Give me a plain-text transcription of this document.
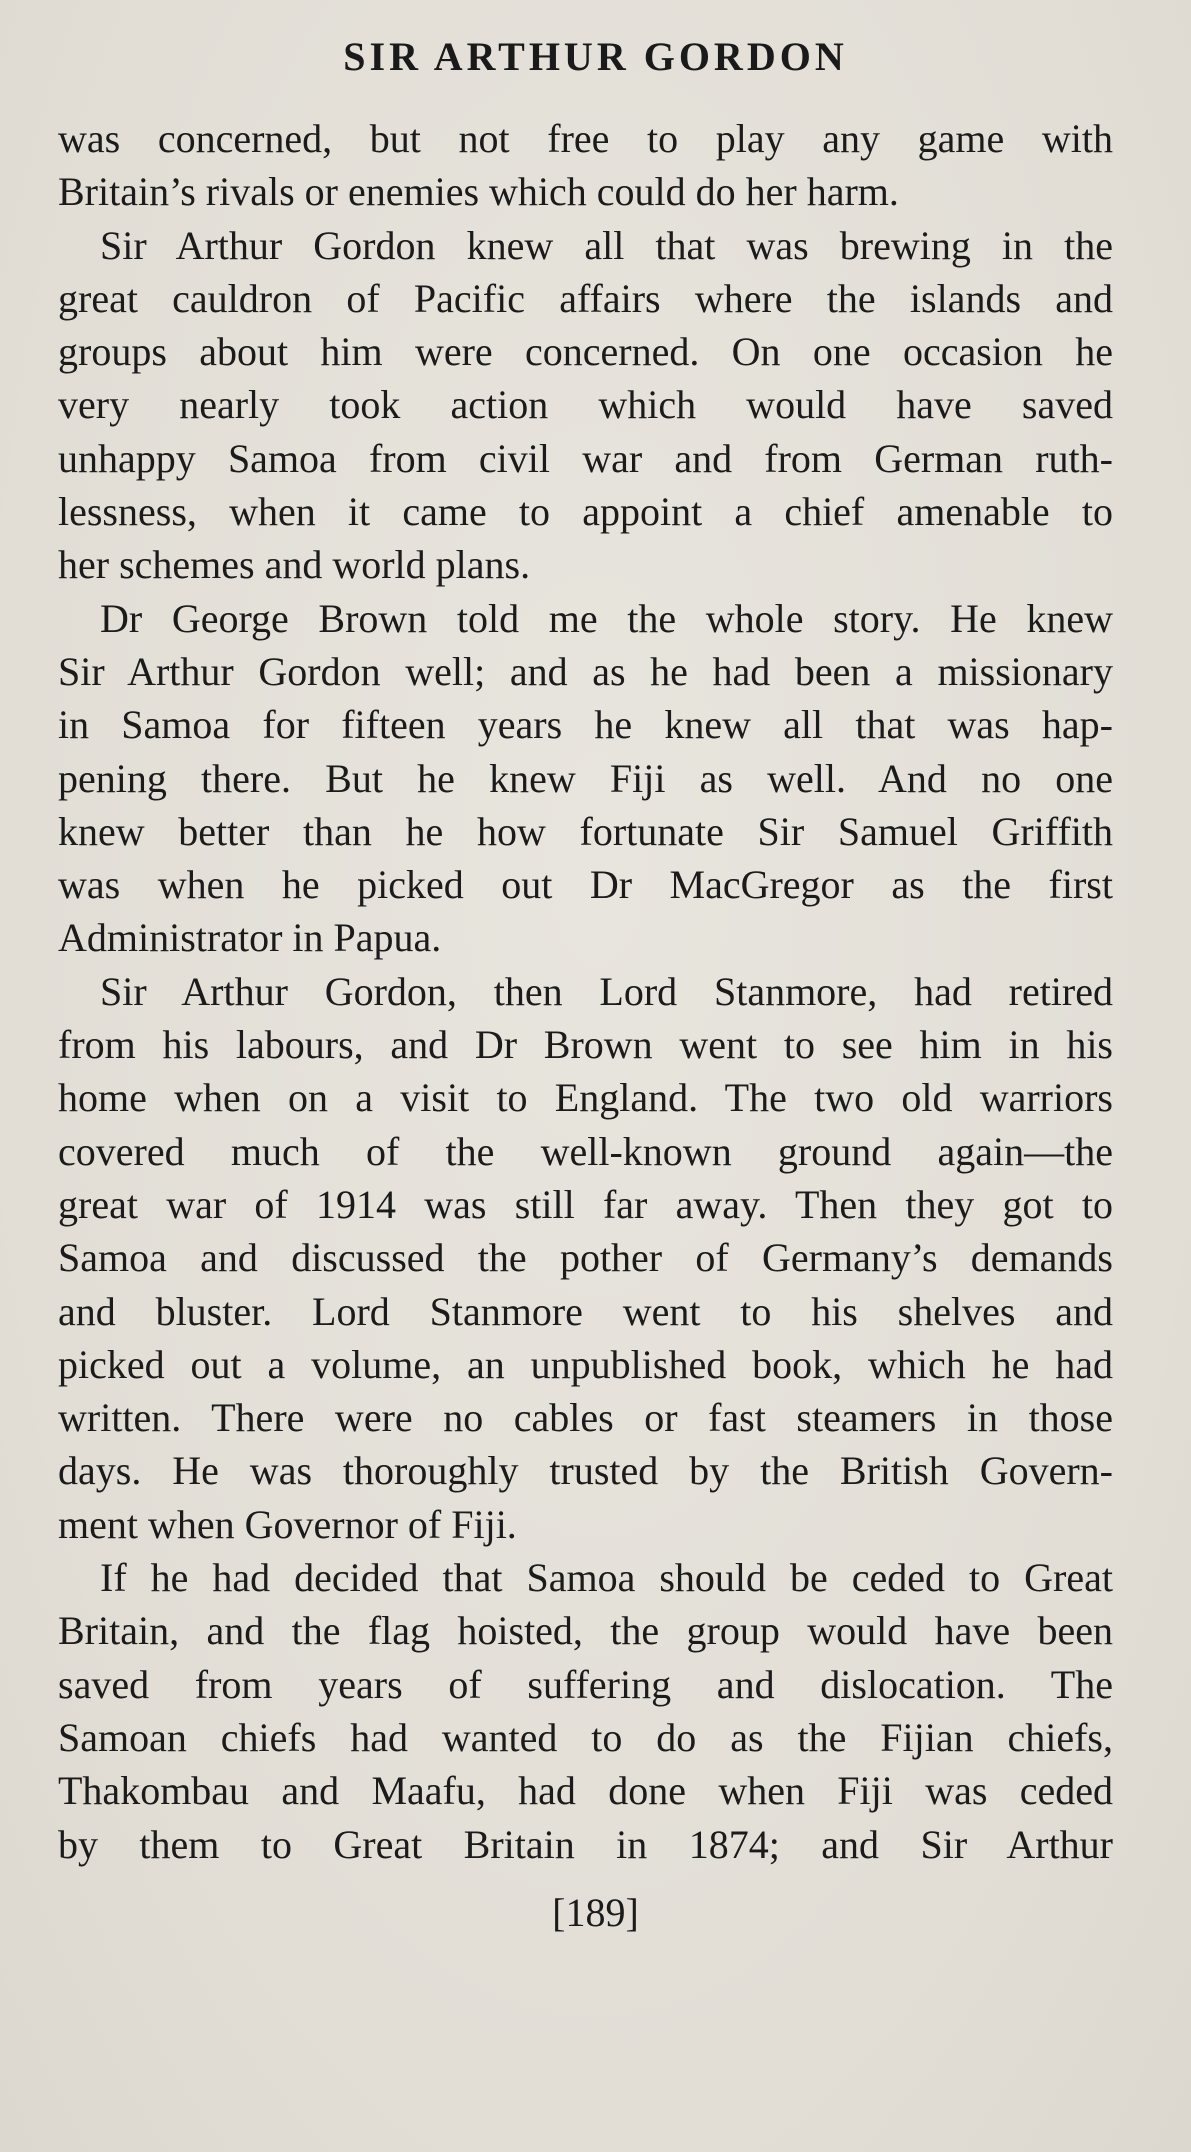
SIR ARTHUR GORDON
was concerned, but not free to play any game with
Britain’s rivals or enemies which could do her harm.
Sir Arthur Gordon knew all that was brewing in the
great cauldron of Pacific affairs where the islands and
groups about him were concerned. On one occasion he
very nearly took action which would have saved
unhappy Samoa from civil war and from German ruth-
lessness, when it came to appoint a chief amenable to
her schemes and world plans.
Dr George Brown told me the whole story. He knew
Sir Arthur Gordon well; and as he had been a missionary
in Samoa for fifteen years he knew all that was hap-
pening there. But he knew Fiji as well. And no one
knew better than he how fortunate Sir Samuel Griffith
was when he picked out Dr MacGregor as the first
Administrator in Papua.
Sir Arthur Gordon, then Lord Stanmore, had retired
from his labours, and Dr Brown went to see him in his
home when on a visit to England. The two old warriors
covered much of the well-known ground again—the
great war of 1914 was still far away. Then they got to
Samoa and discussed the pother of Germany’s demands
and bluster. Lord Stanmore went to his shelves and
picked out a volume, an unpublished book, which he had
written. There were no cables or fast steamers in those
days. He was thoroughly trusted by the British Govern-
ment when Governor of Fiji.
If he had decided that Samoa should be ceded to Great
Britain, and the flag hoisted, the group would have been
saved from years of suffering and dislocation. The
Samoan chiefs had wanted to do as the Fijian chiefs,
Thakombau and Maafu, had done when Fiji was ceded
by them to Great Britain in 1874; and Sir Arthur

[189]
